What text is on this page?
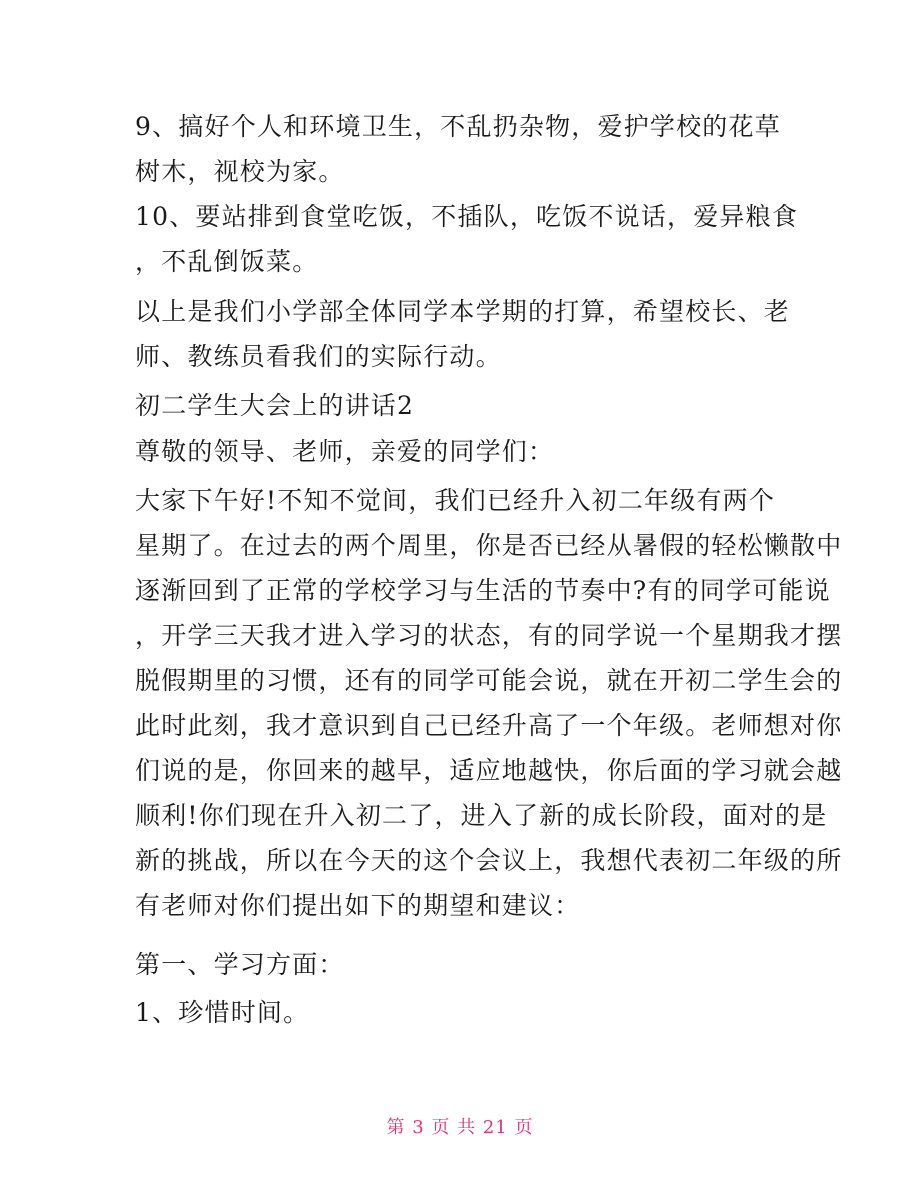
9、搞好个人和环境卫生，不乱扔杂物，爱护学校的花草
树木，视校为家。
10、要站排到食堂吃饭，不插队，吃饭不说话，爱异粮食
，不乱倒饭菜。
以上是我们小学部全体同学本学期的打算，希望校长、老
师、教练员看我们的实际行动。
初二学生大会上的讲话2
尊敬的领导、老师，亲爱的同学们：
大家下午好!不知不觉间，我们已经升入初二年级有两个
星期了。在过去的两个周里，你是否已经从暑假的轻松懒散中
逐渐回到了正常的学校学习与生活的节奏中?有的同学可能说
，开学三天我才进入学习的状态，有的同学说一个星期我才摆
脱假期里的习惯，还有的同学可能会说，就在开初二学生会的
此时此刻，我才意识到自己已经升高了一个年级。老师想对你
们说的是，你回来的越早，适应地越快，你后面的学习就会越
顺利!你们现在升入初二了，进入了新的成长阶段，面对的是
新的挑战，所以在今天的这个会议上，我想代表初二年级的所
有老师对你们提出如下的期望和建议：
第一、学习方面：
1、珍惜时间。
第 3 页 共 21 页
